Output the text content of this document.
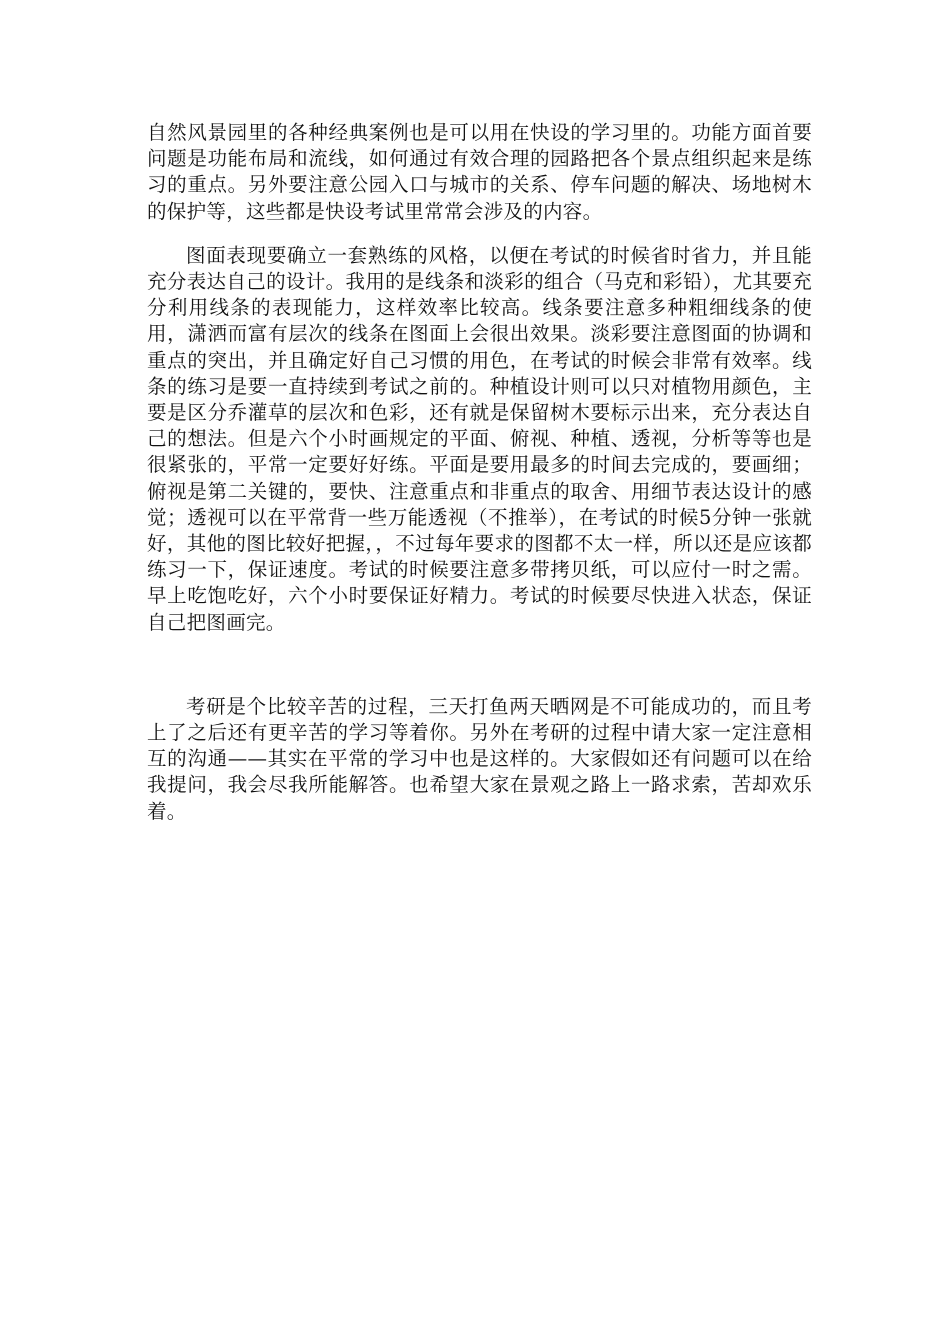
自然风景园里的各种经典案例也是可以用在快设的学习里的。功能方面首要问题是功能布局和流线，如何通过有效合理的园路把各个景点组织起来是练习的重点。另外要注意公园入口与城市的关系、停车问题的解决、场地树木的保护等，这些都是快设考试里常常会涉及的内容。

图面表现要确立一套熟练的风格，以便在考试的时候省时省力，并且能充分表达自己的设计。我用的是线条和淡彩的组合（马克和彩铅），尤其要充分利用线条的表现能力，这样效率比较高。线条要注意多种粗细线条的使用，潇洒而富有层次的线条在图面上会很出效果。淡彩要注意图面的协调和重点的突出，并且确定好自己习惯的用色，在考试的时候会非常有效率。线条的练习是要一直持续到考试之前的。种植设计则可以只对植物用颜色，主要是区分乔灌草的层次和色彩，还有就是保留树木要标示出来，充分表达自己的想法。但是六个小时画规定的平面、俯视、种植、透视，分析等等也是很紧张的，平常一定要好好练。平面是要用最多的时间去完成的，要画细；俯视是第二关键的，要快、注意重点和非重点的取舍、用细节表达设计的感觉；透视可以在平常背一些万能透视（不推举），在考试的时候5分钟一张就好，其他的图比较好把握，，不过每年要求的图都不太一样，所以还是应该都练习一下，保证速度。考试的时候要注意多带拷贝纸，可以应付一时之需。早上吃饱吃好，六个小时要保证好精力。考试的时候要尽快进入状态，保证自己把图画完。

考研是个比较辛苦的过程，三天打鱼两天晒网是不可能成功的，而且考上了之后还有更辛苦的学习等着你。另外在考研的过程中请大家一定注意相互的沟通——其实在平常的学习中也是这样的。大家假如还有问题可以在给我提问，我会尽我所能解答。也希望大家在景观之路上一路求索，苦却欢乐着。
